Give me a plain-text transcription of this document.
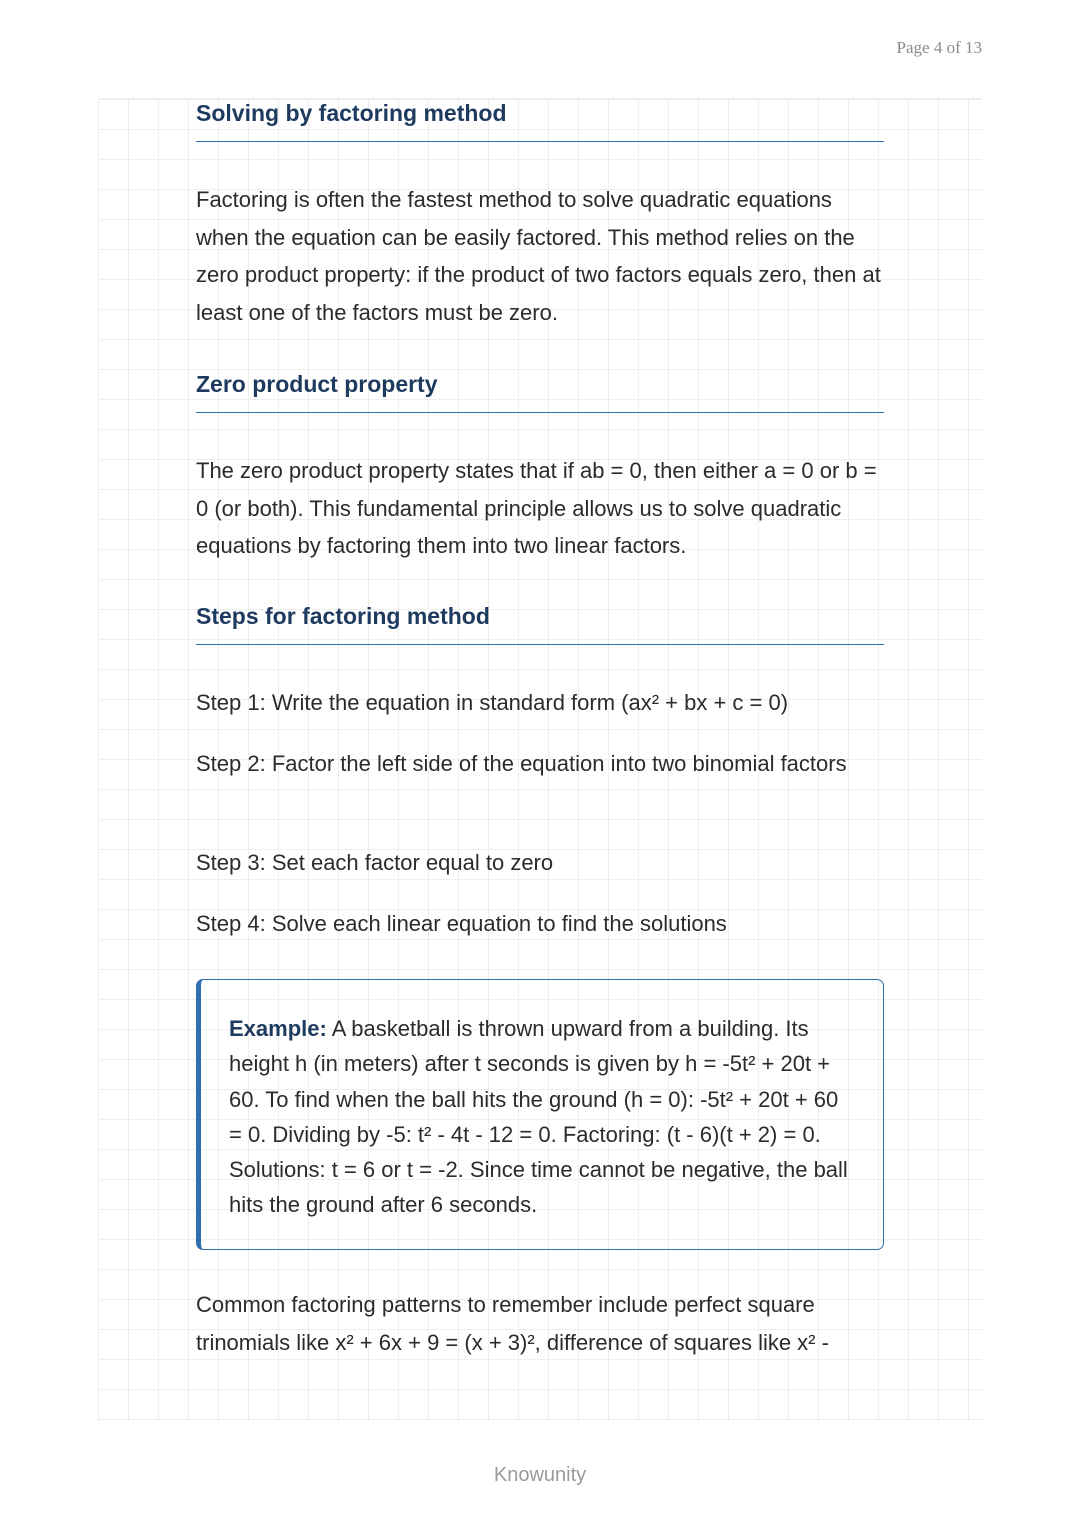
Page 4 of 13
Solving by factoring method

Factoring is often the fastest method to solve quadratic equations when the equation can be easily factored. This method relies on the zero product property: if the product of two factors equals zero, then at least one of the factors must be zero.

Zero product property

The zero product property states that if ab = 0, then either a = 0 or b = 0 (or both). This fundamental principle allows us to solve quadratic equations by factoring them into two linear factors.

Steps for factoring method

Step 1: Write the equation in standard form (ax² + bx + c = 0)

Step 2: Factor the left side of the equation into two binomial factors

Step 3: Set each factor equal to zero

Step 4: Solve each linear equation to find the solutions

Example: A basketball is thrown upward from a building. Its height h (in meters) after t seconds is given by h = -5t² + 20t + 60. To find when the ball hits the ground (h = 0): -5t² + 20t + 60 = 0. Dividing by -5: t² - 4t - 12 = 0. Factoring: (t - 6)(t + 2) = 0. Solutions: t = 6 or t = -2. Since time cannot be negative, the ball hits the ground after 6 seconds.

Common factoring patterns to remember include perfect square trinomials like x² + 6x + 9 = (x + 3)², difference of squares like x² -

Knowunity
